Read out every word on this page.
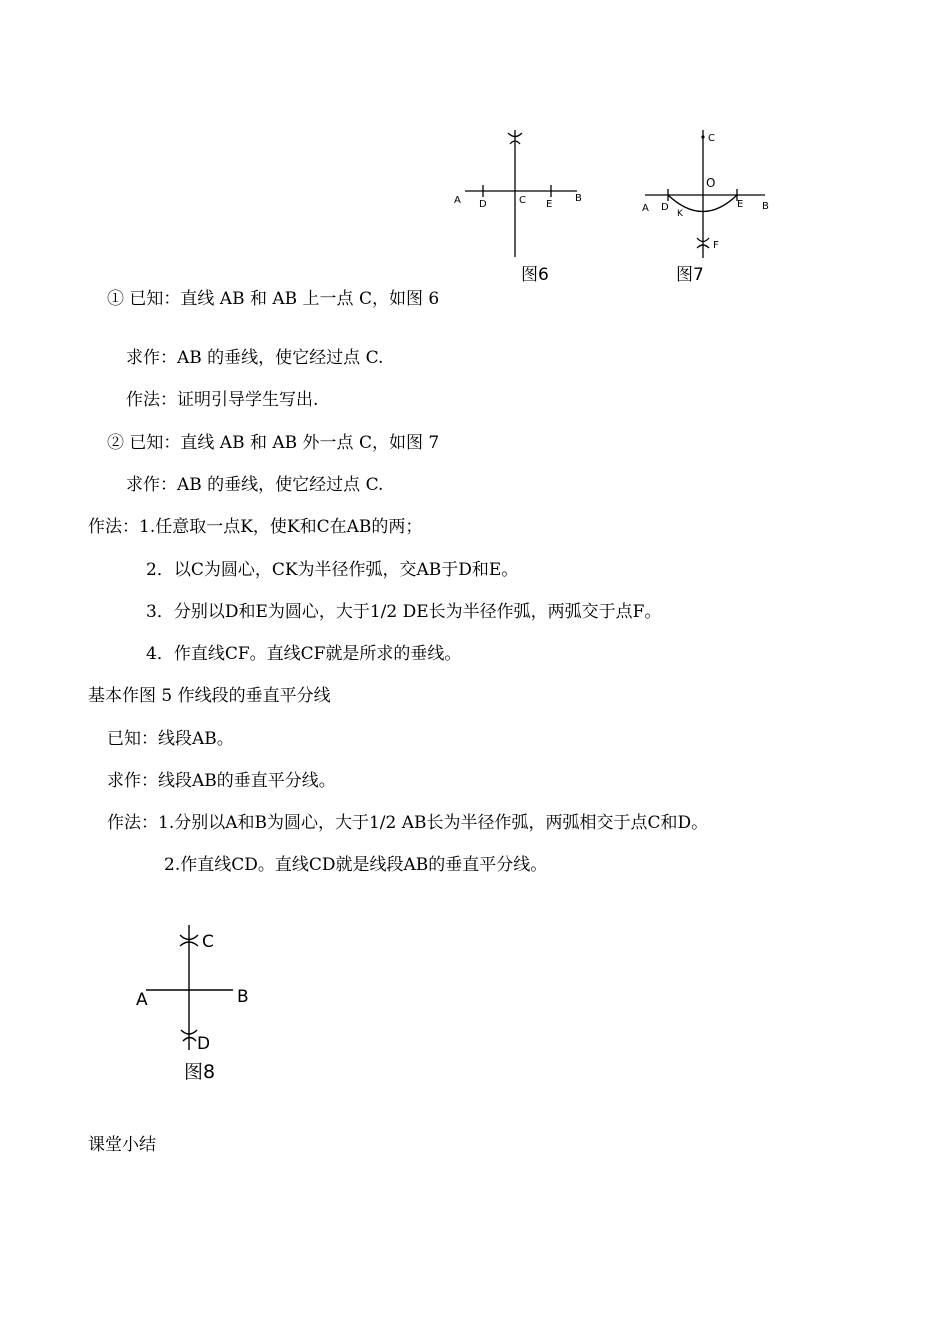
A D	C E
B
图6
C
O
A D
K
E B
F
图7
① 已知：直线 AB 和 AB 上一点 C，如图 6
求作：AB 的垂线，使它经过点 C.
作法：证明引导学生写出.
② 已知：直线 AB 和 AB 外一点 C，如图 7
求作：AB 的垂线，使它经过点 C.
作法：1.任意取一点K，使K和C在AB的两；
2．以C为圆心，CK为半径作弧，交AB于D和E。
3．分别以D和E为圆心，大于1/2 DE长为半径作弧，两弧交于点F。
4．作直线CF。直线CF就是所求的垂线。
基本作图 5 作线段的垂直平分线
已知：线段AB。
求作：线段AB的垂直平分线。
作法：1.分别以A和B为圆心，大于1/2 AB长为半径作弧，两弧相交于点C和D。
2.作直线CD。直线CD就是线段AB的垂直平分线。
C
A	B
D
图8
课堂小结
